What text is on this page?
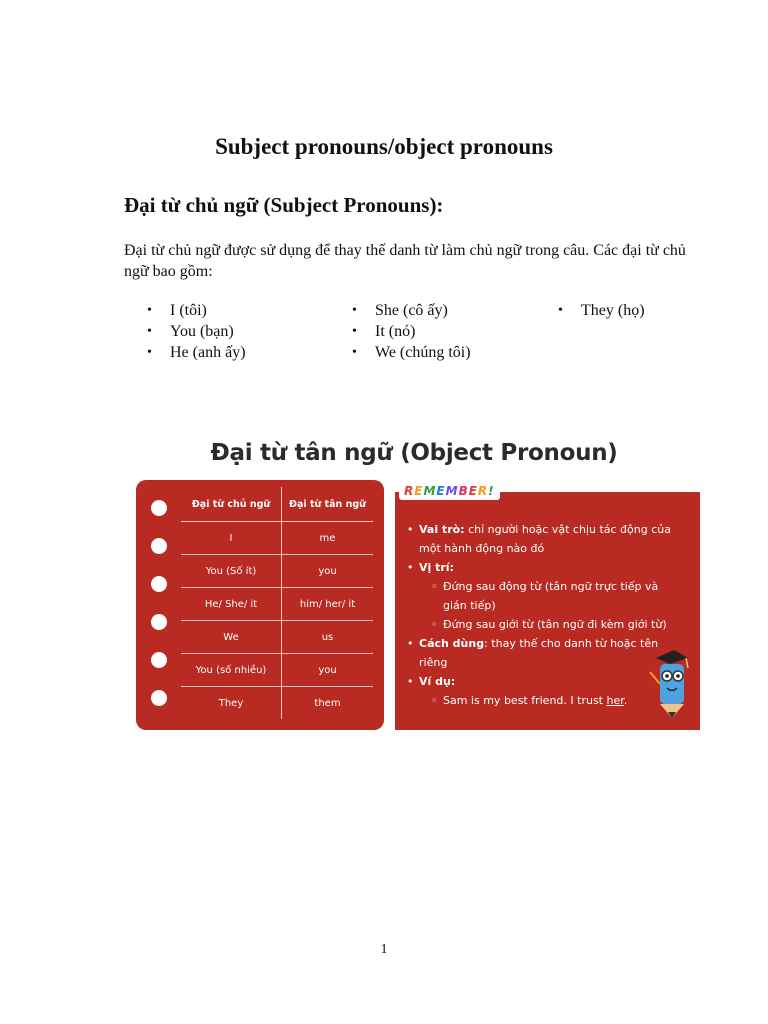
Subject pronouns/object pronouns
Đại từ chủ ngữ (Subject Pronouns):

Đại từ chủ ngữ được sử dụng để thay thế danh từ làm chủ ngữ trong câu. Các đại từ chủ ngữ bao gồm:

• I (tôi)
• You (bạn)
• He (anh ấy)
• She (cô ấy)
• It (nó)
• We (chúng tôi)
• They (họ)
Đại từ tân ngữ (Object Pronoun)
Đại từ chủ ngữ	Đại từ tân ngữ
I	me
You (Số ít)	you
He/ She/ it	him/ her/ it
We	us
You (số nhiều)	you
They	them
REMEMBER!
• Vai trò: chỉ người hoặc vật chịu tác động của một hành động nào đó
• Vị trí:
◦ Đứng sau động từ (tân ngữ trực tiếp và gián tiếp)
◦ Đứng sau giới từ (tân ngữ đi kèm giới từ)
• Cách dùng: thay thế cho danh từ hoặc tên riêng
• Ví dụ:
◦ Sam is my best friend. I trust her.
1
